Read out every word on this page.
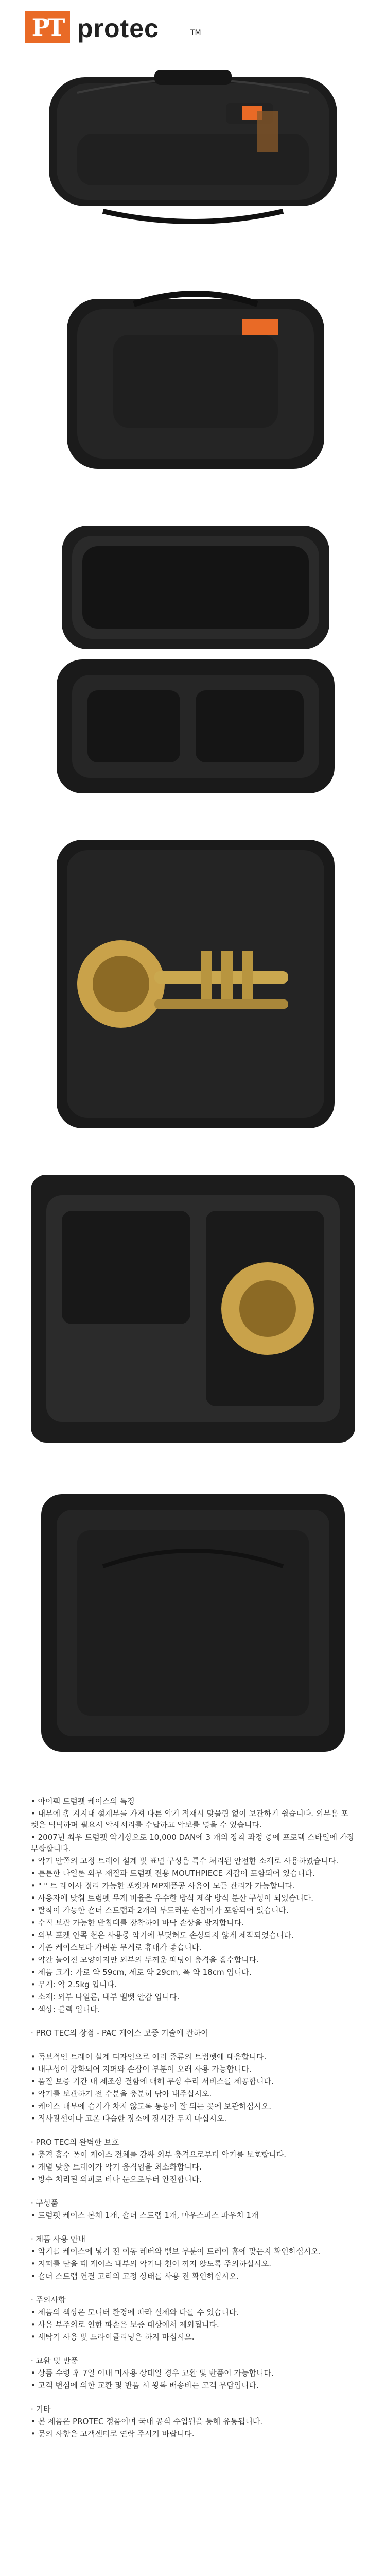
PT protec	TM

• 아이팩 트럼펫 케이스의 특징

• 내부에 총 지지대 설계부를 가져 다른 악기 적재시 맞물림 없이 보관하기 쉽습니다. 외부용 포켓은 넉넉하며 필요시 악세서리를 수납하고 악보를 넣을 수 있습니다.

• 2007년 최우 트럼펫 악기상으로 10,000 DAN에 3 개의 장착 과정 중에 프로텍 스타일에 가장 부합합니다.

• 악기 안쪽의 고정 트레이 설계 및 표면 구성은 특수 처리된 안전한 소재로 사용하였습니다.

• 튼튼한 나일론 외부 재질과 트럼펫 전용 MOUTHPIECE 지갑이 포함되어 있습니다.

• " " 트 레이사 정리 가능한 포켓과 MP제품공 사용이 모든 관리가 가능합니다.

• 사용자에 맞춰 트럼펫 무게 비율을 우수한 방식 제작 방식 분산 구성이 되었습니다.

• 탈착이 가능한 숄더 스트랩과 2개의 부드러운 손잡이가 포함되어 있습니다.

• 수직 보관 가능한 받침대를 장착하여 바닥 손상을 방지합니다.

• 외부 포켓 안쪽 천은 사용중 악기에 부딪혀도 손상되지 않게 제작되었습니다.

• 기존 케이스보다 가벼운 무게로 휴대가 좋습니다.

• 약간 늘어진 모양이지만 외부의 두꺼운 패딩이 충격을 흡수합니다.

• 제품 크기: 가로 약 59cm, 세로 약 29cm, 폭 약 18cm 입니다.

• 무게: 약 2.5kg 입니다.

• 소재: 외부 나일론, 내부 벨벳 안감 입니다.

• 색상: 블랙 입니다.

· PRO TEC의 장점 ‑ PAC 케이스 보증 기술에 관하여

• 독보적인 트레이 설계 디자인으로 여러 종류의 트럼펫에 대응합니다.

• 내구성이 강화되어 지퍼와 손잡이 부분이 오래 사용 가능합니다.

• 품질 보증 기간 내 제조상 결함에 대해 무상 수리 서비스를 제공합니다.

• 악기를 보관하기 전 수분을 충분히 닦아 내주십시오.

• 케이스 내부에 습기가 차지 않도록 통풍이 잘 되는 곳에 보관하십시오.

• 직사광선이나 고온 다습한 장소에 장시간 두지 마십시오.

· PRO TEC의 완벽한 보호

• 충격 흡수 폼이 케이스 전체를 감싸 외부 충격으로부터 악기를 보호합니다.

• 개별 맞춤 트레이가 악기 움직임을 최소화합니다.

• 방수 처리된 외피로 비나 눈으로부터 안전합니다.

· 구성품

• 트럼펫 케이스 본체 1개, 숄더 스트랩 1개, 마우스피스 파우치 1개

· 제품 사용 안내

• 악기를 케이스에 넣기 전 이동 레버와 밸브 부분이 트레이 홈에 맞는지 확인하십시오.

• 지퍼를 닫을 때 케이스 내부의 악기나 천이 끼지 않도록 주의하십시오.

• 숄더 스트랩 연결 고리의 고정 상태를 사용 전 확인하십시오.

· 주의사항

• 제품의 색상은 모니터 환경에 따라 실제와 다를 수 있습니다.

• 사용 부주의로 인한 파손은 보증 대상에서 제외됩니다.

• 세탁기 사용 및 드라이클리닝은 하지 마십시오.

· 교환 및 반품

• 상품 수령 후 7일 이내 미사용 상태일 경우 교환 및 반품이 가능합니다.

• 고객 변심에 의한 교환 및 반품 시 왕복 배송비는 고객 부담입니다.

· 기타

• 본 제품은 PROTEC 정품이며 국내 공식 수입원을 통해 유통됩니다.

• 문의 사항은 고객센터로 연락 주시기 바랍니다.
